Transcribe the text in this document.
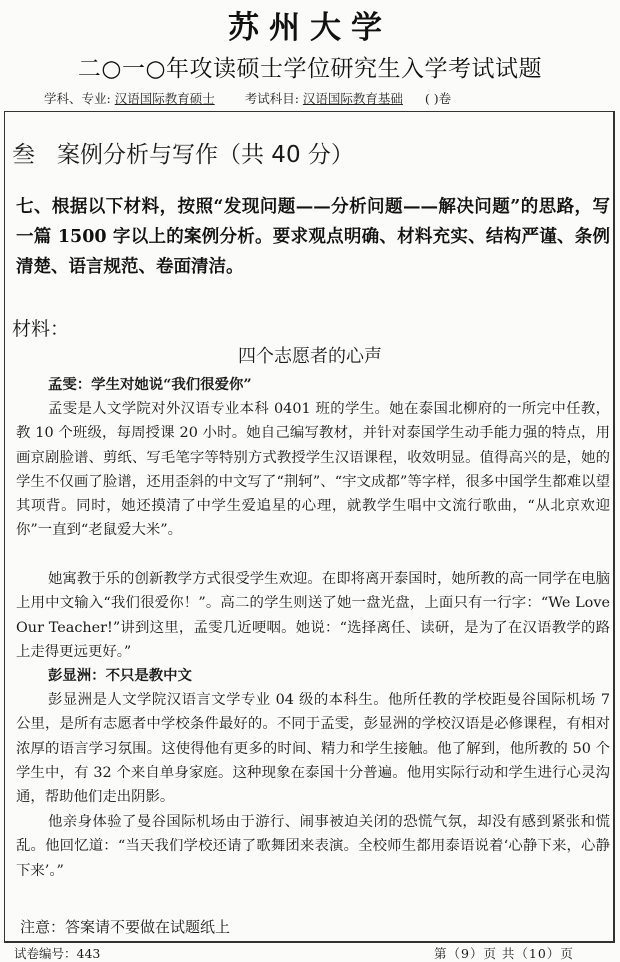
苏州大学
二○一○年攻读硕士学位研究生入学考试试题
学科、专业: 汉语国际教育硕士 考试科目: 汉语国际教育基础 ( )卷
叁 案例分析与写作（共 40 分）
七、根据以下材料，按照“发现问题——分析问题——解决问题”的思路，写一篇 1500 字以上的案例分析。要求观点明确、材料充实、结构严谨、条例清楚、语言规范、卷面清洁。
材料：
四个志愿者的心声
孟雯：学生对她说“我们很爱你”
孟雯是人文学院对外汉语专业本科 0401 班的学生。她在泰国北柳府的一所完中任教，教 10 个班级，每周授课 20 小时。她自己编写教材，并针对泰国学生动手能力强的特点，用画京剧脸谱、剪纸、写毛笔字等特别方式教授学生汉语课程，收效明显。值得高兴的是，她的学生不仅画了脸谱，还用歪斜的中文写了“荆轲”、“宇文成都”等字样，很多中国学生都难以望其项背。同时，她还摸清了中学生爱追星的心理，就教学生唱中文流行歌曲，“从北京欢迎你”一直到“老鼠爱大米”。
她寓教于乐的创新教学方式很受学生欢迎。在即将离开泰国时，她所教的高一同学在电脑上用中文输入“我们很爱你！”。高二的学生则送了她一盘光盘，上面只有一行字：“We Love Our Teacher!”讲到这里，孟雯几近哽咽。她说：“选择离任、读研，是为了在汉语教学的路上走得更远更好。”
彭显洲：不只是教中文
彭显洲是人文学院汉语言文学专业 04 级的本科生。他所任教的学校距曼谷国际机场 7 公里，是所有志愿者中学校条件最好的。不同于孟雯，彭显洲的学校汉语是必修课程，有相对浓厚的语言学习氛围。这使得他有更多的时间、精力和学生接触。他了解到，他所教的 50 个学生中，有 32 个来自单身家庭。这种现象在泰国十分普遍。他用实际行动和学生进行心灵沟通，帮助他们走出阴影。
他亲身体验了曼谷国际机场由于游行、闹事被迫关闭的恐慌气氛，却没有感到紧张和慌乱。他回忆道：“当天我们学校还请了歌舞团来表演。全校师生都用泰语说着‘心静下来，心静下来’。”
注意：答案请不要做在试题纸上
试卷编号：443	第（9）页 共（10）页
